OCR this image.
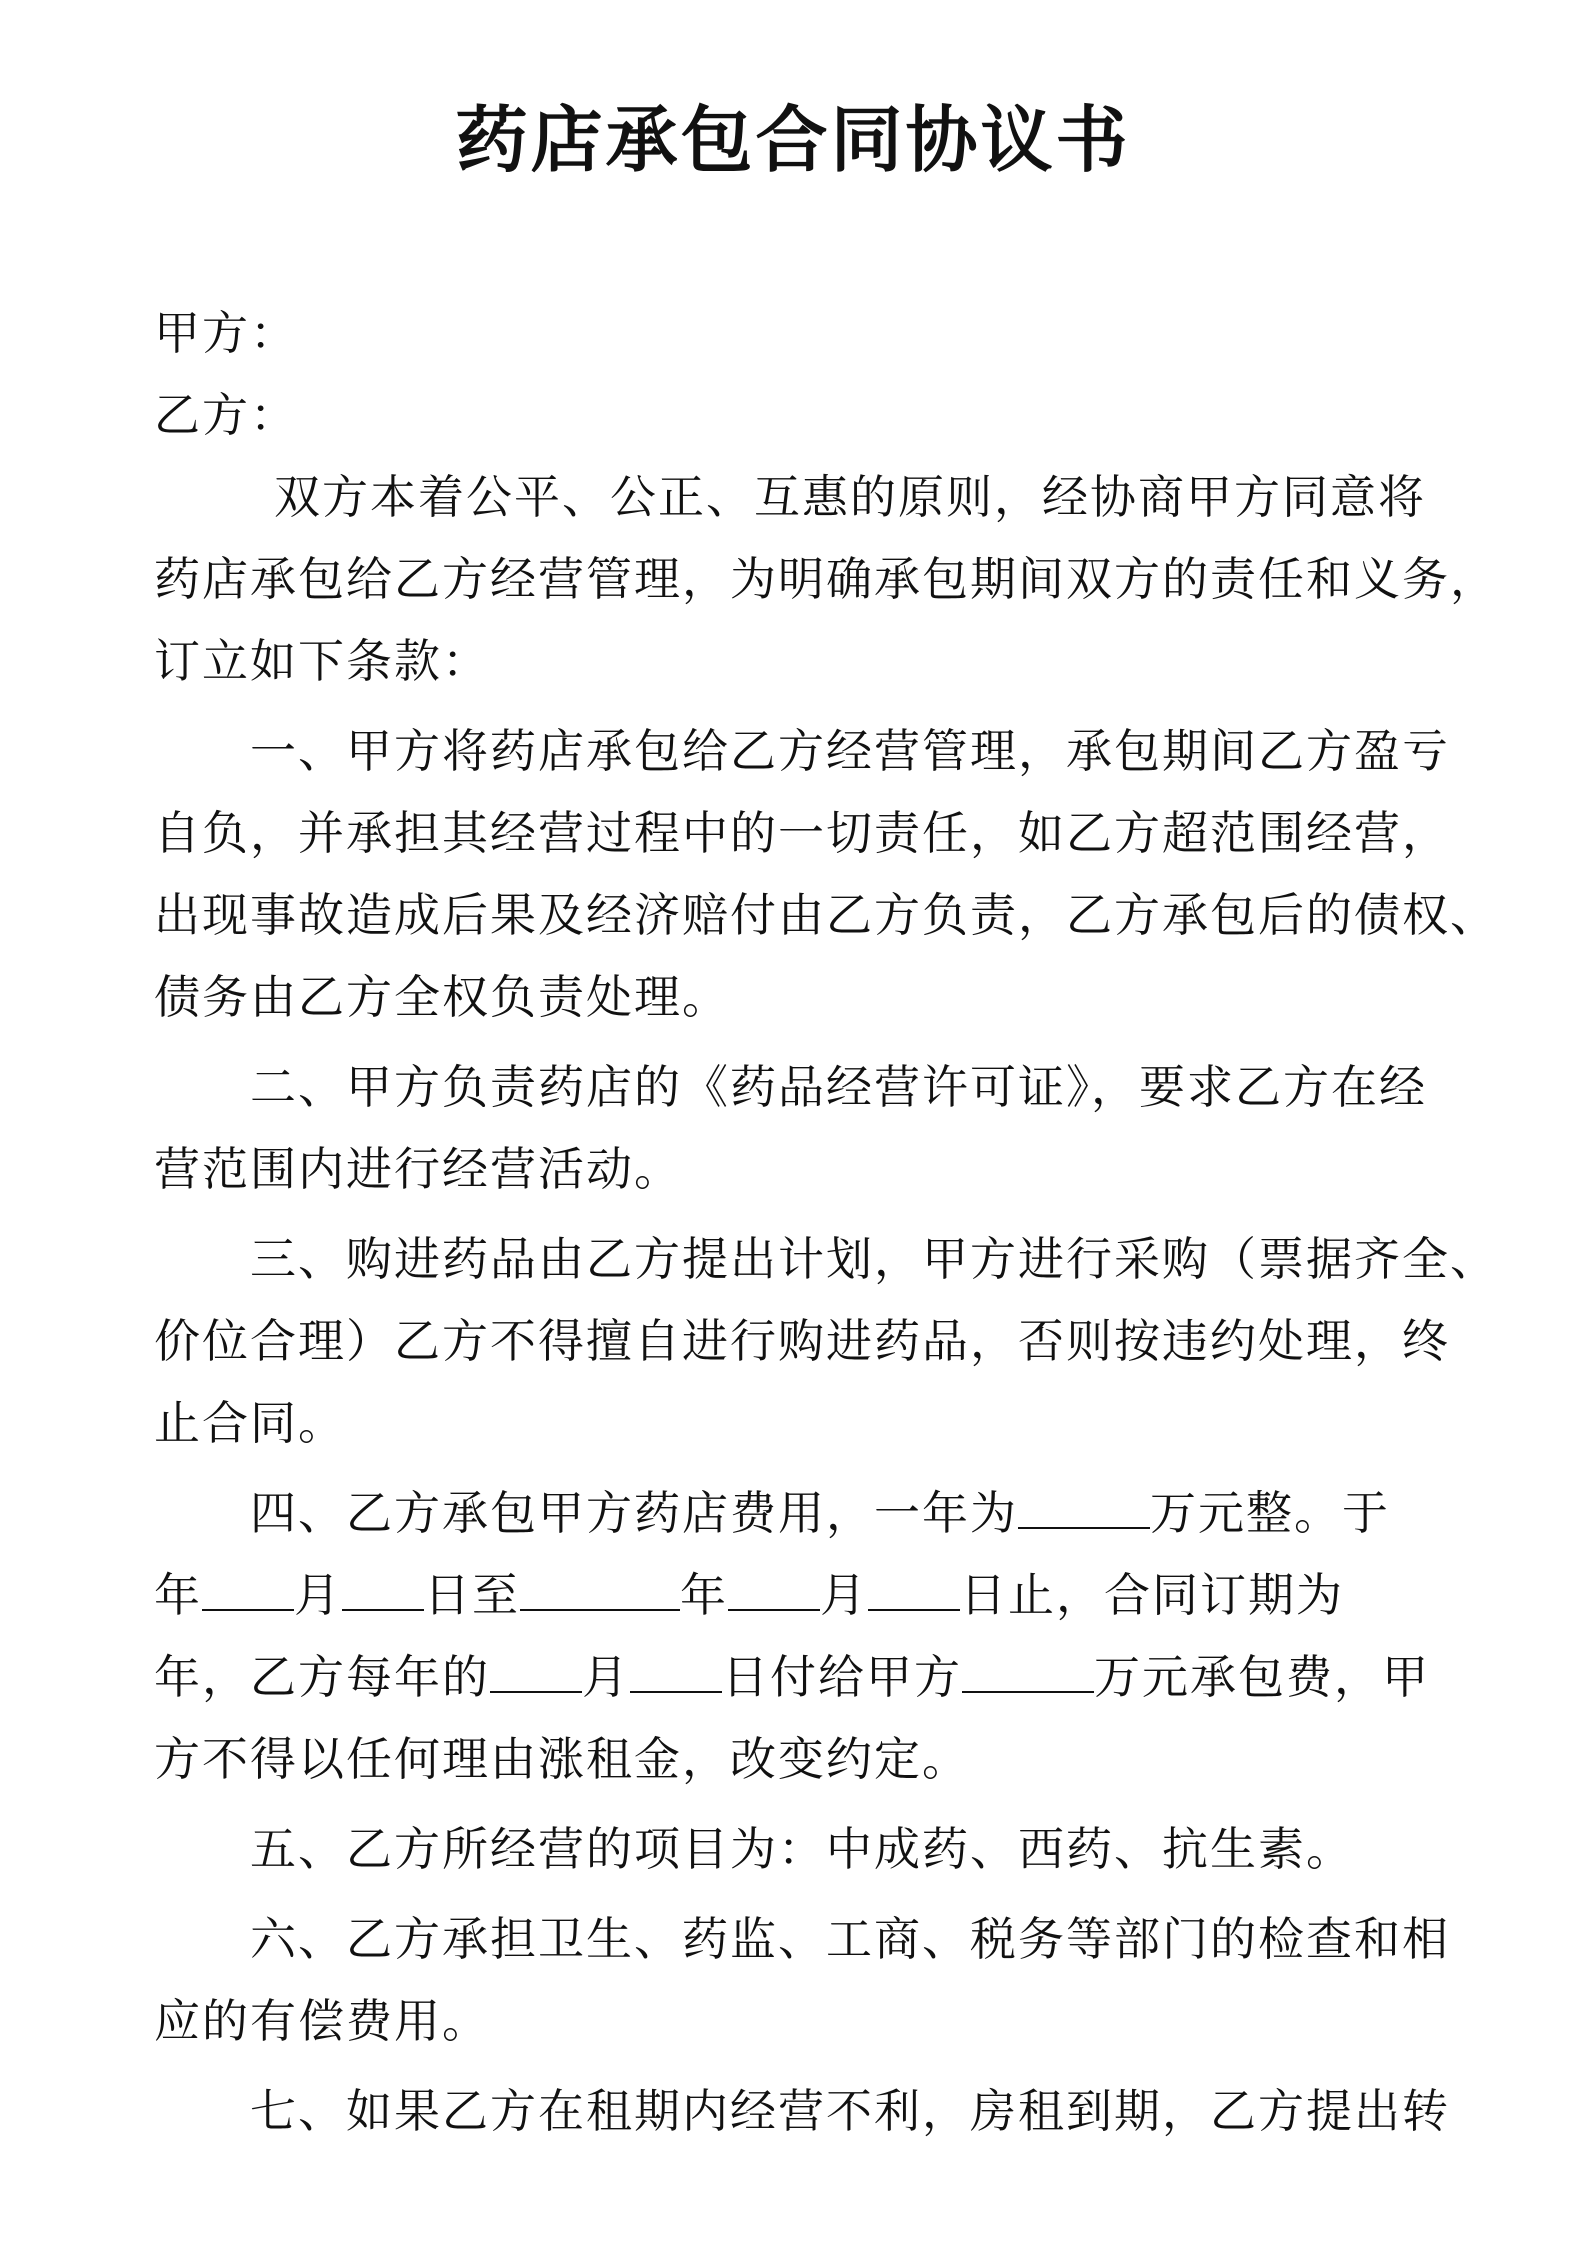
药店承包合同协议书
甲方：
乙方：
双方本着公平、公正、互惠的原则，经协商甲方同意将
药店承包给乙方经营管理，为明确承包期间双方的责任和义务，
订立如下条款：
一、甲方将药店承包给乙方经营管理，承包期间乙方盈亏
自负，并承担其经营过程中的一切责任，如乙方超范围经营，
出现事故造成后果及经济赔付由乙方负责，乙方承包后的债权、
债务由乙方全权负责处理。
二、甲方负责药店的《药品经营许可证》，要求乙方在经
营范围内进行经营活动。
三、购进药品由乙方提出计划，甲方进行采购（票据齐全、
价位合理）乙方不得擅自进行购进药品，否则按违约处理，终
止合同。
四、乙方承包甲方药店费用，一年为	万元整。于
年 月 日至	年 月 日止，合同订期为
年，乙方每年的 月 日付给甲方	万元承包费，甲
方不得以任何理由涨租金，改变约定。
五、乙方所经营的项目为：中成药、西药、抗生素。
六、乙方承担卫生、药监、工商、税务等部门的检查和相
应的有偿费用。
七、如果乙方在租期内经营不利，房租到期，乙方提出转
